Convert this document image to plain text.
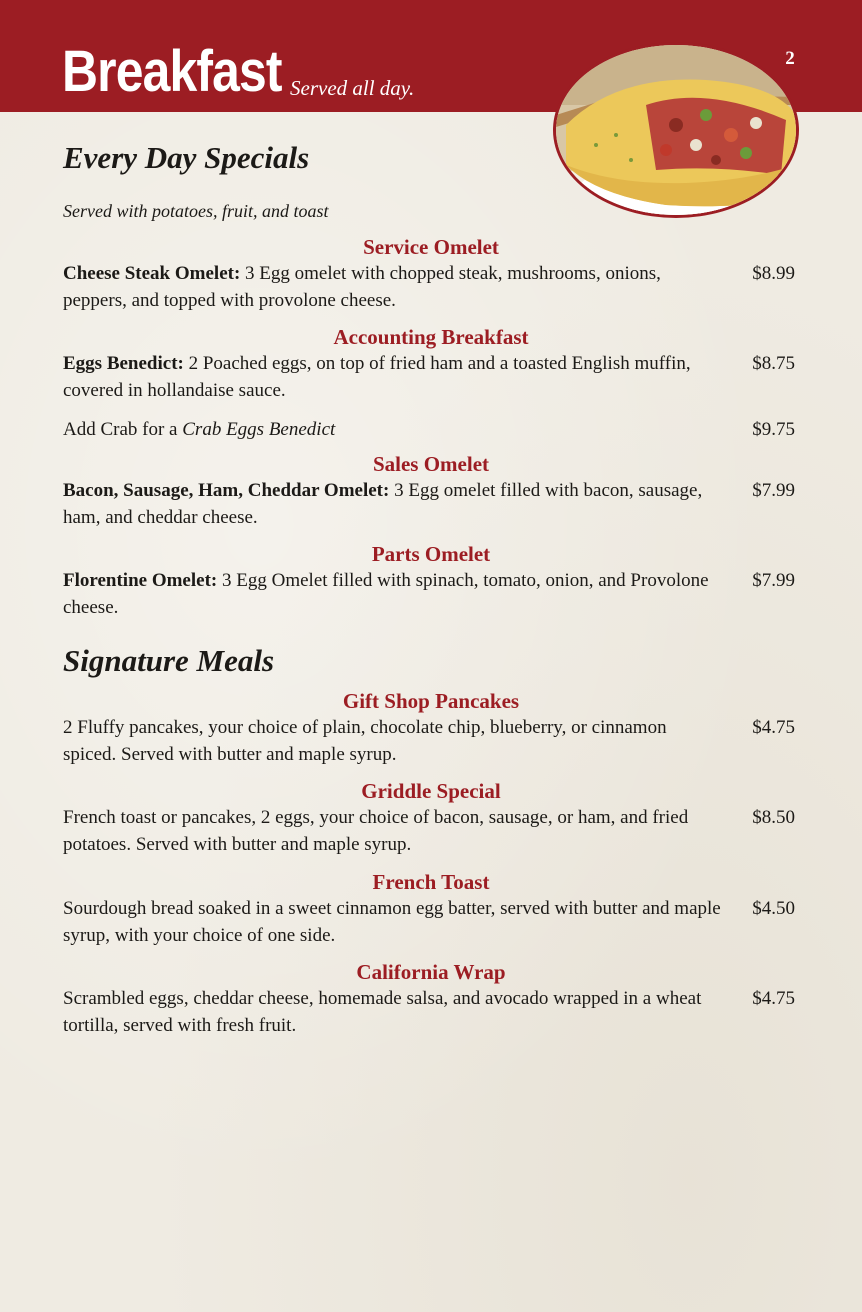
Breakfast Served all day.
2
Every Day Specials
Served with potatoes, fruit, and toast
Service Omelet
Cheese Steak Omelet: 3 Egg omelet with chopped steak, mushrooms, onions, peppers, and topped with provolone cheese.
$8.99
Accounting Breakfast
Eggs Benedict: 2 Poached eggs, on top of fried ham and a toasted English muffin, covered in hollandaise sauce.
$8.75
Add Crab for a Crab Eggs Benedict	$9.75
Sales Omelet
Bacon, Sausage, Ham, Cheddar Omelet: 3 Egg omelet filled with bacon, sausage, ham, and cheddar cheese.
$7.99
Parts Omelet
Florentine Omelet: 3 Egg Omelet filled with spinach, tomato, onion, and Provolone cheese.
$7.99
Signature Meals
Gift Shop Pancakes
2 Fluffy pancakes, your choice of plain, chocolate chip, blueberry, or cinnamon spiced. Served with butter and maple syrup.
$4.75
Griddle Special
French toast or pancakes, 2 eggs, your choice of bacon, sausage, or ham, and fried potatoes. Served with butter and maple syrup.
$8.50
French Toast
Sourdough bread soaked in a sweet cinnamon egg batter, served with butter and maple syrup, with your choice of one side.
$4.50
California Wrap
Scrambled eggs, cheddar cheese, homemade salsa, and avocado wrapped in a wheat tortilla, served with fresh fruit.
$4.75
